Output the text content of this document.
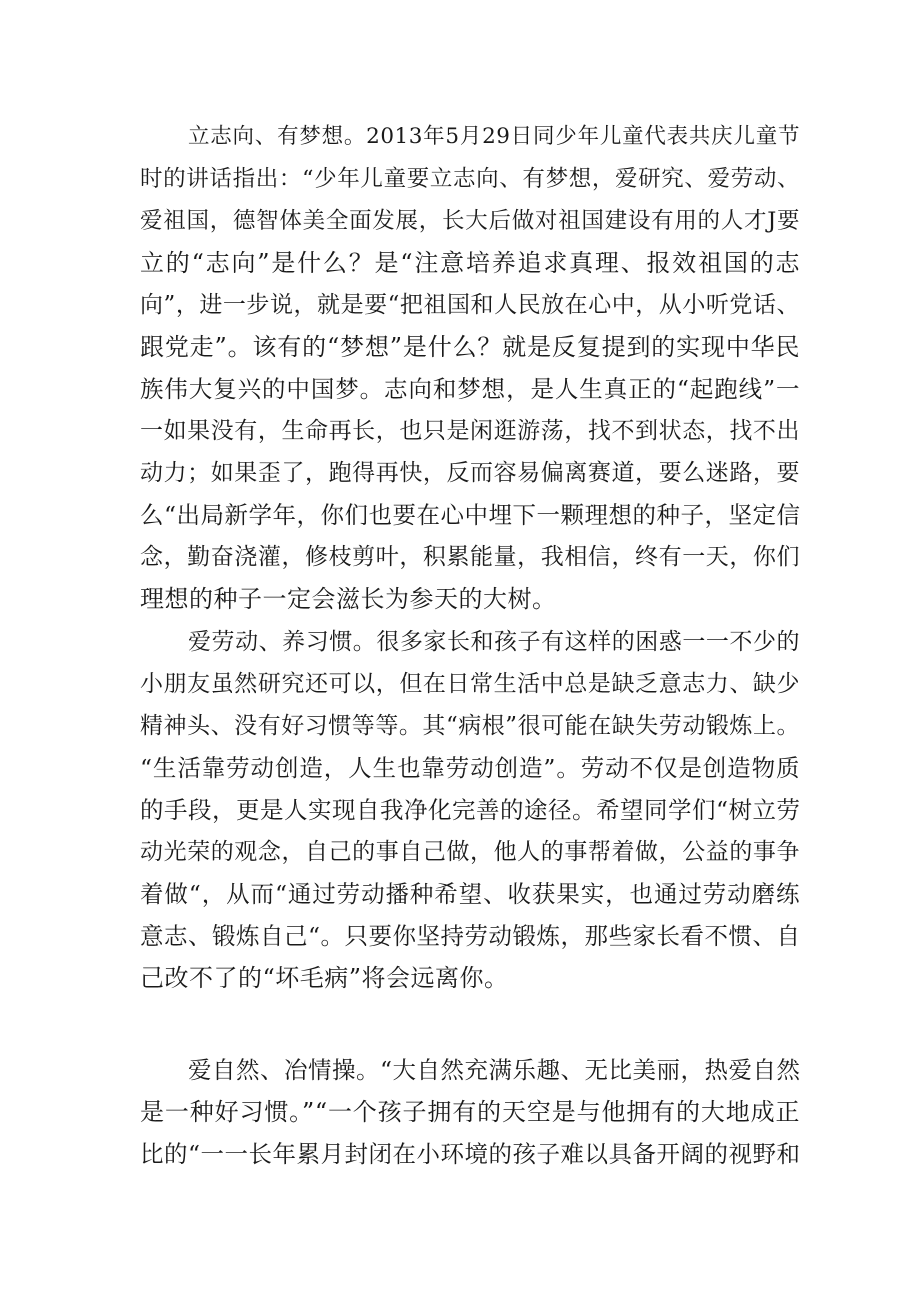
立志向、有梦想。2013年5月29日同少年儿童代表共庆儿童节
时的讲话指出：“少年儿童要立志向、有梦想，爱研究、爱劳动、
爱祖国，德智体美全面发展，长大后做对祖国建设有用的人才J要
立的“志向”是什么？是“注意培养追求真理、报效祖国的志
向”，进一步说，就是要“把祖国和人民放在心中，从小听党话、
跟党走”。该有的“梦想”是什么？就是反复提到的实现中华民
族伟大复兴的中国梦。志向和梦想，是人生真正的“起跑线”一
一如果没有，生命再长，也只是闲逛游荡，找不到状态，找不出
动力；如果歪了，跑得再快，反而容易偏离赛道，要么迷路，要
么“出局新学年，你们也要在心中埋下一颗理想的种子，坚定信
念，勤奋浇灌，修枝剪叶，积累能量，我相信，终有一天，你们
理想的种子一定会滋长为参天的大树。
爱劳动、养习惯。很多家长和孩子有这样的困惑一一不少的
小朋友虽然研究还可以，但在日常生活中总是缺乏意志力、缺少
精神头、没有好习惯等等。其“病根”很可能在缺失劳动锻炼上。
“生活靠劳动创造，人生也靠劳动创造”。劳动不仅是创造物质
的手段，更是人实现自我净化完善的途径。希望同学们“树立劳
动光荣的观念，自己的事自己做，他人的事帮着做，公益的事争
着做“，从而“通过劳动播种希望、收获果实，也通过劳动磨练
意志、锻炼自己“。只要你坚持劳动锻炼，那些家长看不惯、自
己改不了的“坏毛病”将会远离你。
爱自然、冶情操。“大自然充满乐趣、无比美丽，热爱自然
是一种好习惯。”“一个孩子拥有的天空是与他拥有的大地成正
比的“一一长年累月封闭在小环境的孩子难以具备开阔的视野和
